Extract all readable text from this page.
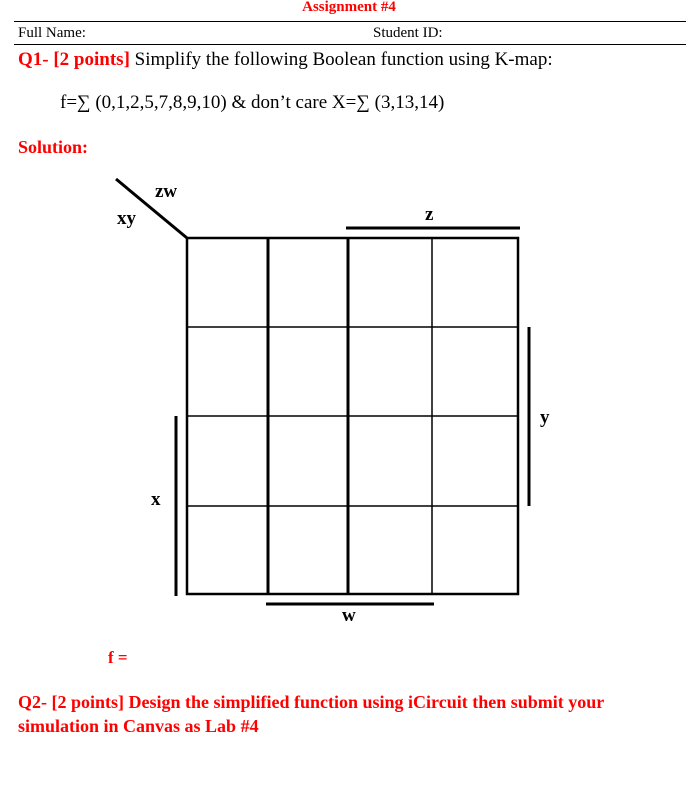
Assignment #4
Full Name:	Student ID:
Q1- [2 points] Simplify the following Boolean function using K-map:
f=∑ (0,1,2,5,7,8,9,10) & don’t care X=∑ (3,13,14)
Solution:
zw
xy	z
y
x
w
f =
Q2- [2 points] Design the simplified function using iCircuit then submit your simulation in Canvas as Lab #4
